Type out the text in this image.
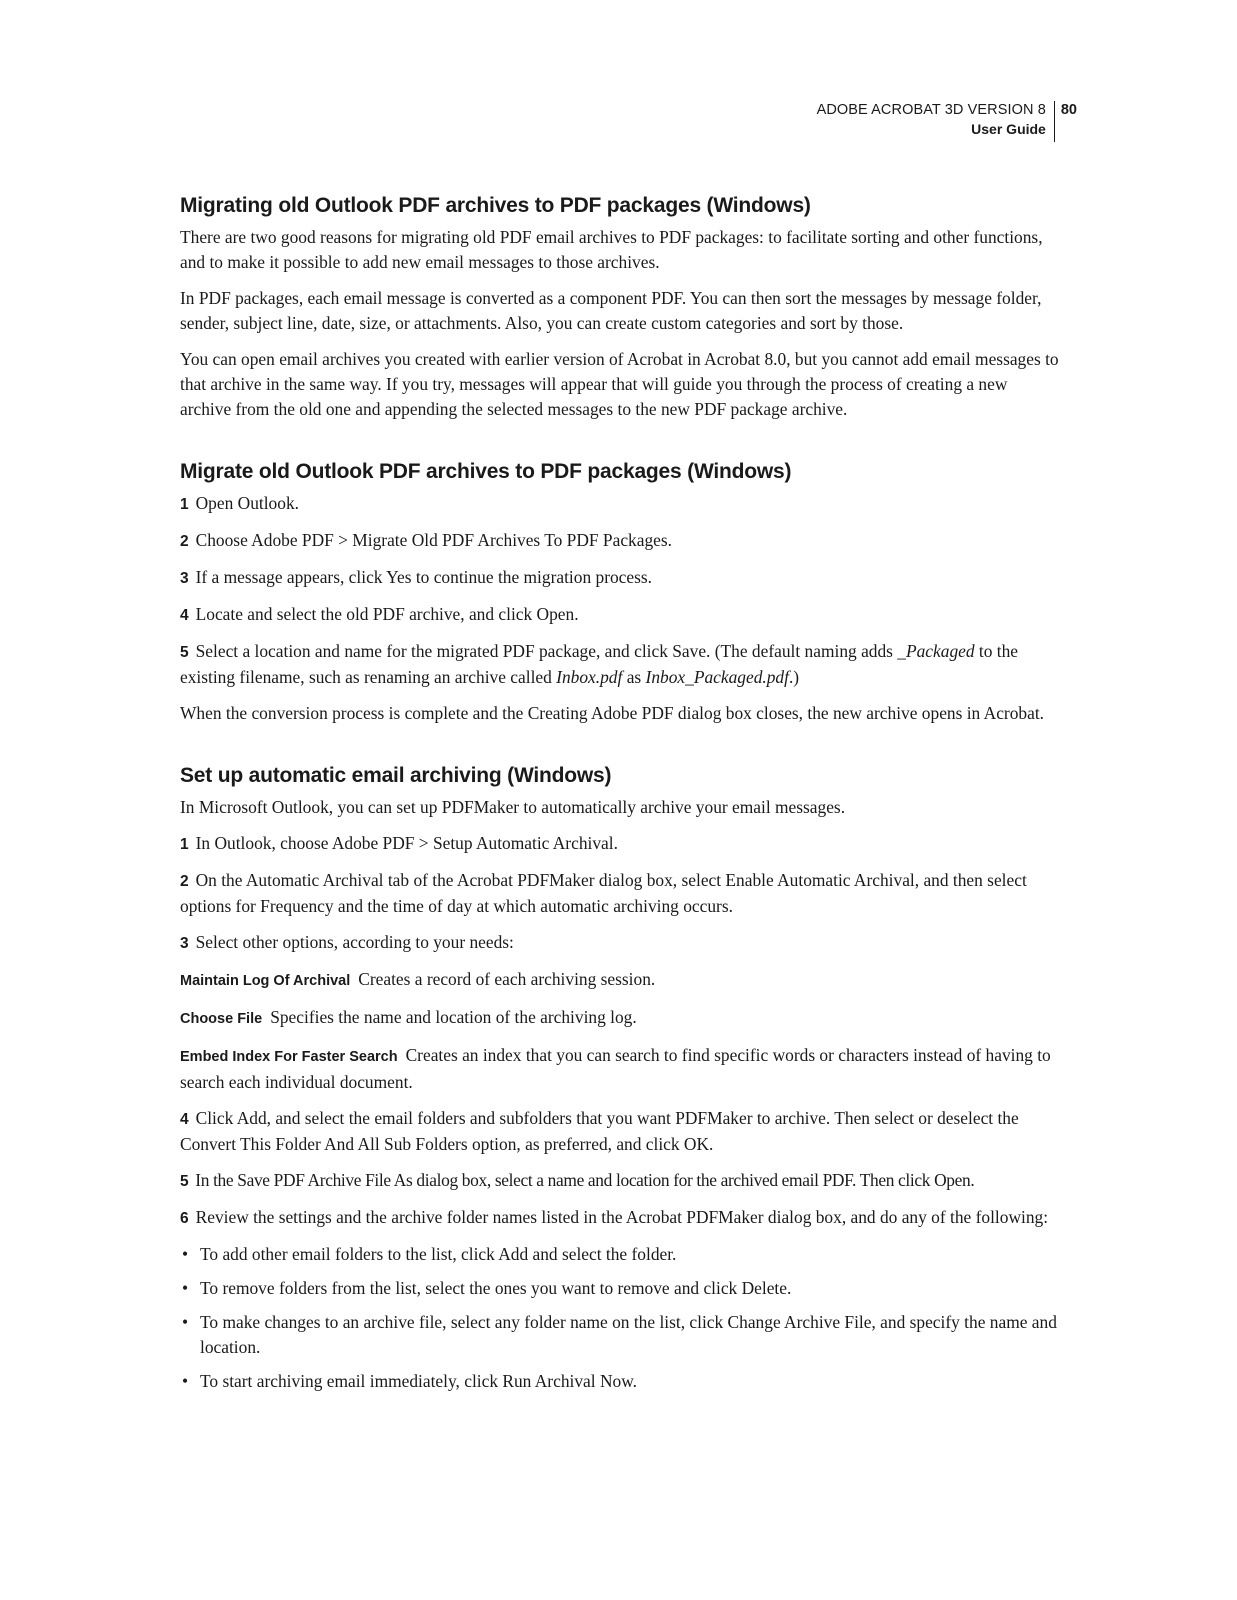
ADOBE ACROBAT 3D VERSION 8
User Guide
80
Migrating old Outlook PDF archives to PDF packages (Windows)

There are two good reasons for migrating old PDF email archives to PDF packages: to facilitate sorting and other functions, and to make it possible to add new email messages to those archives.

In PDF packages, each email message is converted as a component PDF. You can then sort the messages by message folder, sender, subject line, date, size, or attachments. Also, you can create custom categories and sort by those.

You can open email archives you created with earlier version of Acrobat in Acrobat 8.0, but you cannot add email messages to that archive in the same way. If you try, messages will appear that will guide you through the process of creating a new archive from the old one and appending the selected messages to the new PDF package archive.

Migrate old Outlook PDF archives to PDF packages (Windows)

1 Open Outlook.

2 Choose Adobe PDF > Migrate Old PDF Archives To PDF Packages.

3 If a message appears, click Yes to continue the migration process.

4 Locate and select the old PDF archive, and click Open.

5 Select a location and name for the migrated PDF package, and click Save. (The default naming adds _Packaged to the existing filename, such as renaming an archive called Inbox.pdf as Inbox_Packaged.pdf.)

When the conversion process is complete and the Creating Adobe PDF dialog box closes, the new archive opens in Acrobat.

Set up automatic email archiving (Windows)

In Microsoft Outlook, you can set up PDFMaker to automatically archive your email messages.

1 In Outlook, choose Adobe PDF > Setup Automatic Archival.

2 On the Automatic Archival tab of the Acrobat PDFMaker dialog box, select Enable Automatic Archival, and then select options for Frequency and the time of day at which automatic archiving occurs.

3 Select other options, according to your needs:

Maintain Log Of Archival Creates a record of each archiving session.

Choose File Specifies the name and location of the archiving log.

Embed Index For Faster Search Creates an index that you can search to find specific words or characters instead of having to search each individual document.

4 Click Add, and select the email folders and subfolders that you want PDFMaker to archive. Then select or deselect the Convert This Folder And All Sub Folders option, as preferred, and click OK.

5 In the Save PDF Archive File As dialog box, select a name and location for the archived email PDF. Then click Open.

6 Review the settings and the archive folder names listed in the Acrobat PDFMaker dialog box, and do any of the following:

• To add other email folders to the list, click Add and select the folder.
• To remove folders from the list, select the ones you want to remove and click Delete.
• To make changes to an archive file, select any folder name on the list, click Change Archive File, and specify the name and location.
• To start archiving email immediately, click Run Archival Now.
